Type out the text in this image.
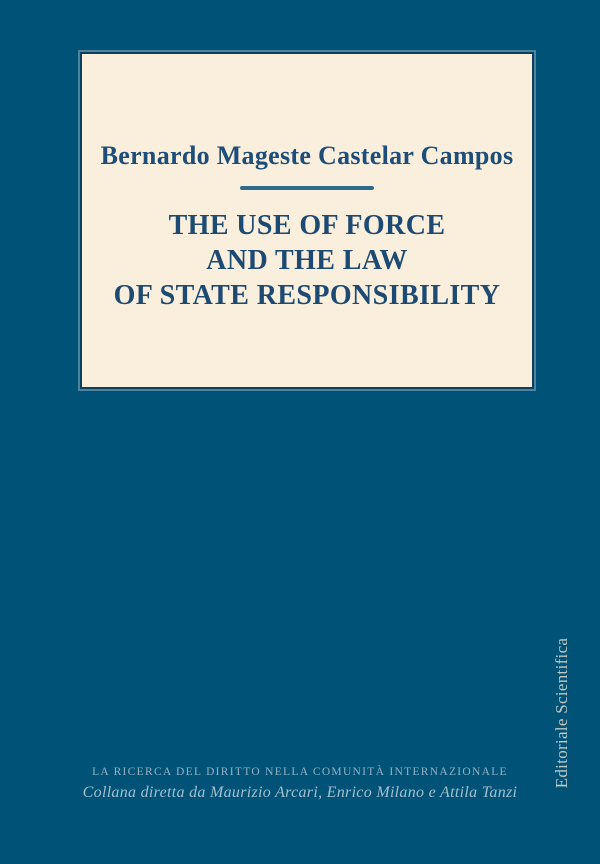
Bernardo Mageste Castelar Campos
THE USE OF FORCE
AND THE LAW
OF STATE RESPONSIBILITY
LA RICERCA DEL DIRITTO NELLA COMUNITÀ INTERNAZIONALE
Collana diretta da Maurizio Arcari, Enrico Milano e Attila Tanzi
Editoriale Scientifica
